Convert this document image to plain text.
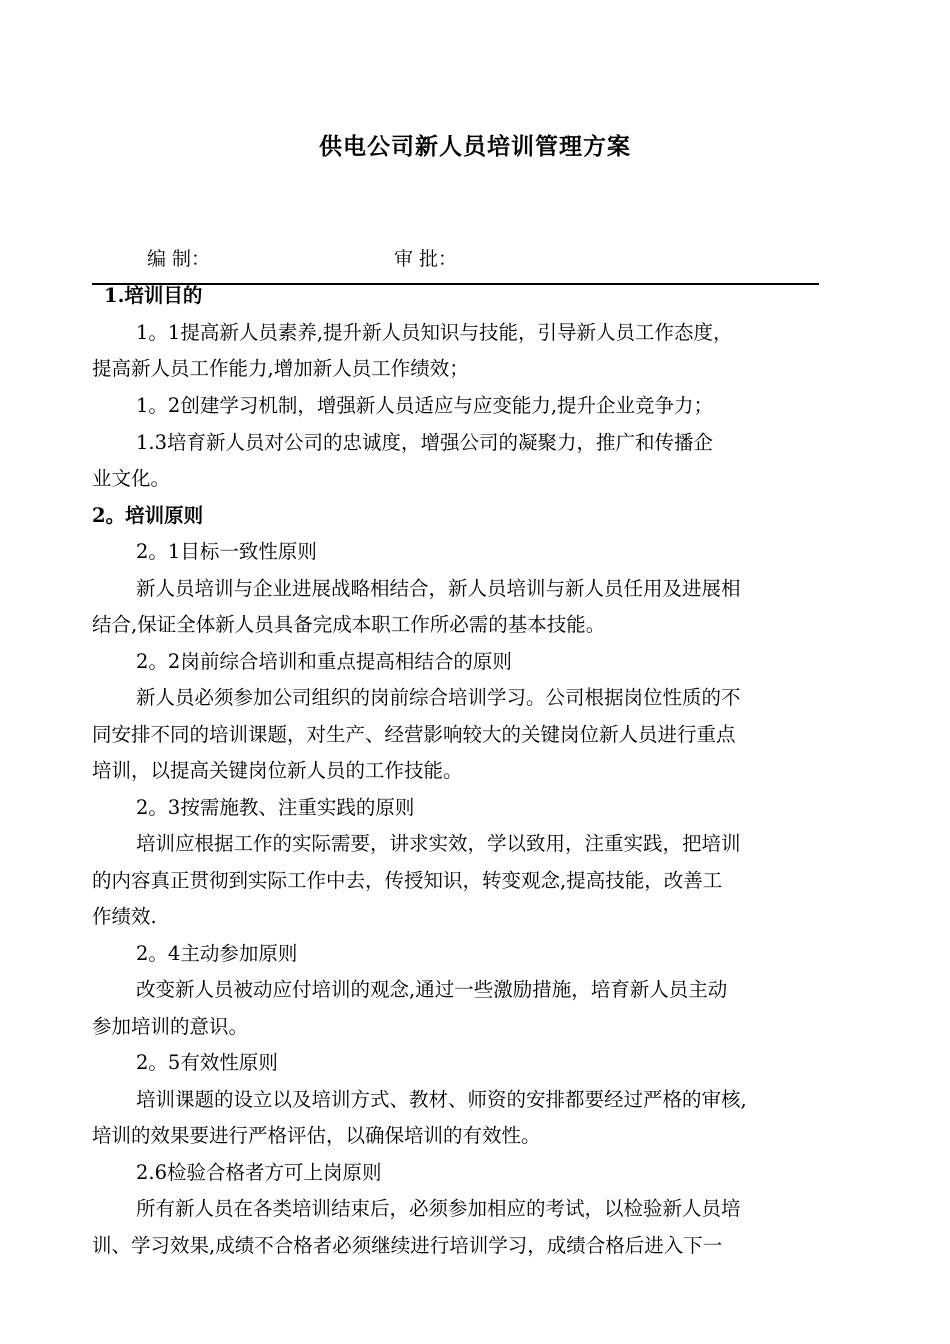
供电公司新人员培训管理方案
编 制：	审 批：
1.培训目的
1。1提高新人员素养,提升新人员知识与技能，引导新人员工作态度，
提高新人员工作能力,增加新人员工作绩效；
1。2创建学习机制，增强新人员适应与应变能力,提升企业竞争力；
1.3培育新人员对公司的忠诚度，增强公司的凝聚力，推广和传播企
业文化。
2。培训原则
2。1目标一致性原则
新人员培训与企业进展战略相结合，新人员培训与新人员任用及进展相
结合,保证全体新人员具备完成本职工作所必需的基本技能。
2。2岗前综合培训和重点提高相结合的原则
新人员必须参加公司组织的岗前综合培训学习。公司根据岗位性质的不
同安排不同的培训课题，对生产、经营影响较大的关键岗位新人员进行重点
培训，以提高关键岗位新人员的工作技能。
2。3按需施教、注重实践的原则
培训应根据工作的实际需要，讲求实效，学以致用，注重实践，把培训
的内容真正贯彻到实际工作中去，传授知识，转变观念,提高技能，改善工
作绩效.
2。4主动参加原则
改变新人员被动应付培训的观念,通过一些激励措施，培育新人员主动
参加培训的意识。
2。5有效性原则
培训课题的设立以及培训方式、教材、师资的安排都要经过严格的审核,
培训的效果要进行严格评估，以确保培训的有效性。
2.6检验合格者方可上岗原则
所有新人员在各类培训结束后，必须参加相应的考试，以检验新人员培
训、学习效果,成绩不合格者必须继续进行培训学习，成绩合格后进入下一
